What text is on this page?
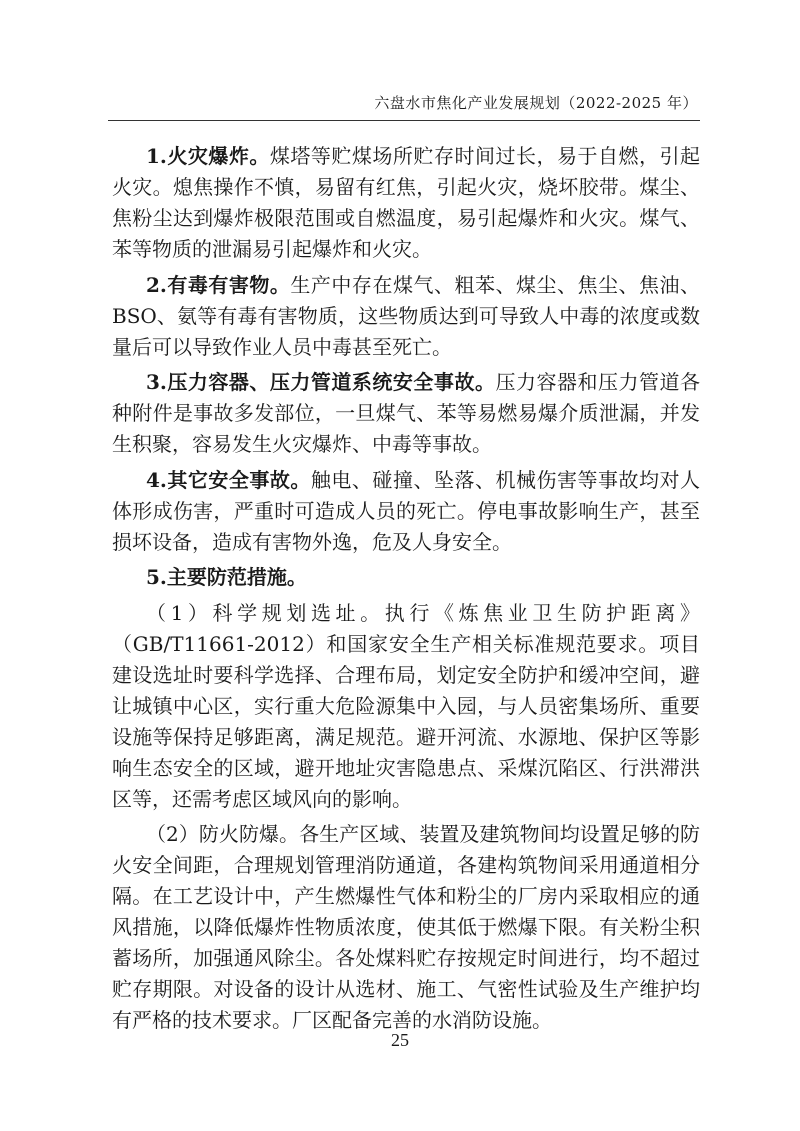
六盘水市焦化产业发展规划（2022-2025 年）

1.火灾爆炸。煤塔等贮煤场所贮存时间过长，易于自燃，引起火灾。熄焦操作不慎，易留有红焦，引起火灾，烧坏胶带。煤尘、焦粉尘达到爆炸极限范围或自燃温度，易引起爆炸和火灾。煤气、苯等物质的泄漏易引起爆炸和火灾。

2.有毒有害物。生产中存在煤气、粗苯、煤尘、焦尘、焦油、BSO、氨等有毒有害物质，这些物质达到可导致人中毒的浓度或数量后可以导致作业人员中毒甚至死亡。

3.压力容器、压力管道系统安全事故。压力容器和压力管道各种附件是事故多发部位，一旦煤气、苯等易燃易爆介质泄漏，并发生积聚，容易发生火灾爆炸、中毒等事故。

4.其它安全事故。触电、碰撞、坠落、机械伤害等事故均对人体形成伤害，严重时可造成人员的死亡。停电事故影响生产，甚至损坏设备，造成有害物外逸，危及人身安全。

5.主要防范措施。

（1）科学规划选址。执行《炼焦业卫生防护距离》（GB/T11661-2012）和国家安全生产相关标准规范要求。项目建设选址时要科学选择、合理布局，划定安全防护和缓冲空间，避让城镇中心区，实行重大危险源集中入园，与人员密集场所、重要设施等保持足够距离，满足规范。避开河流、水源地、保护区等影响生态安全的区域，避开地址灾害隐患点、采煤沉陷区、行洪滞洪区等，还需考虑区域风向的影响。

（2）防火防爆。各生产区域、装置及建筑物间均设置足够的防火安全间距，合理规划管理消防通道，各建构筑物间采用通道相分隔。在工艺设计中，产生燃爆性气体和粉尘的厂房内采取相应的通风措施，以降低爆炸性物质浓度，使其低于燃爆下限。有关粉尘积蓄场所，加强通风除尘。各处煤料贮存按规定时间进行，均不超过贮存期限。对设备的设计从选材、施工、气密性试验及生产维护均有严格的技术要求。厂区配备完善的水消防设施。

25
